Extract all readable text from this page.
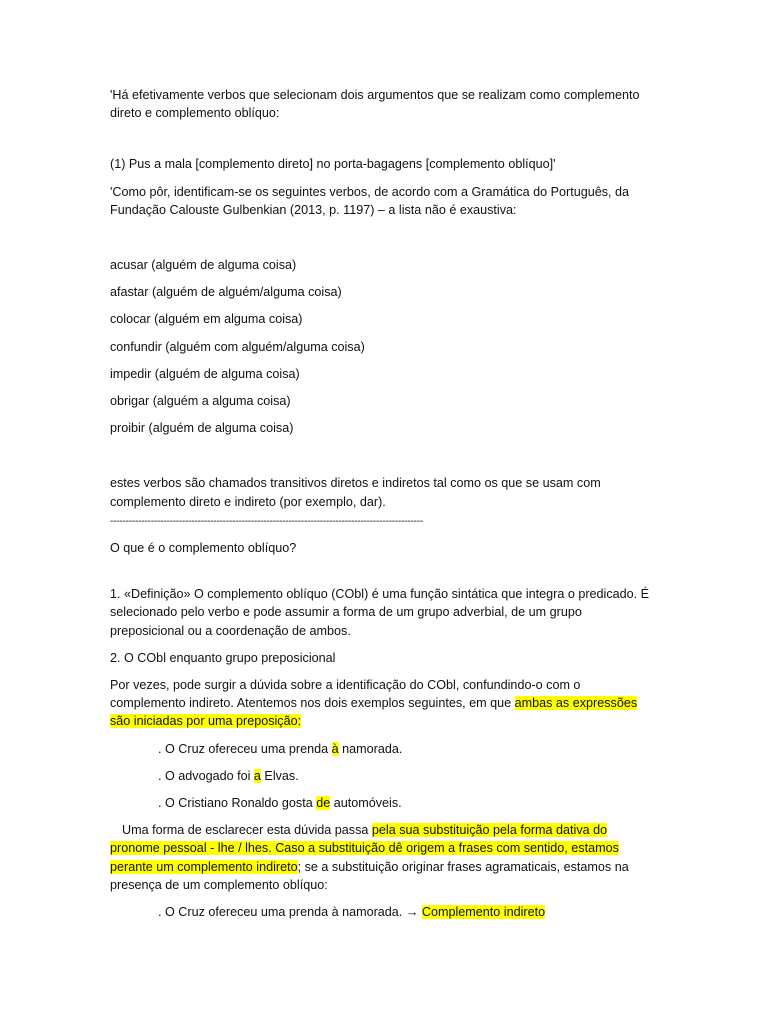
'Há efetivamente verbos que selecionam dois argumentos que se realizam como complemento direto e complemento oblíquo:

(1) Pus a mala [complemento direto] no porta-bagagens [complemento oblíquo]'

'Como pôr, identificam-se os seguintes verbos, de acordo com a Gramática do Português, da Fundação Calouste Gulbenkian (2013, p. 1197) – a lista não é exaustiva:

acusar (alguém de alguma coisa)

afastar (alguém de alguém/alguma coisa)

colocar (alguém em alguma coisa)

confundir (alguém com alguém/alguma coisa)

impedir (alguém de alguma coisa)

obrigar (alguém a alguma coisa)

proibir (alguém de alguma coisa)

estes verbos são chamados transitivos diretos e indiretos tal como os que se usam com complemento direto e indireto (por exemplo, dar).

----------------------------------------------------------------------------------------------------

O que é o complemento oblíquo?

1. «Definição» O complemento oblíquo (CObl) é uma função sintática que integra o predicado. É selecionado pelo verbo e pode assumir a forma de um grupo adverbial, de um grupo preposicional ou a coordenação de ambos.

2. O CObl enquanto grupo preposicional

Por vezes, pode surgir a dúvida sobre a identificação do CObl, confundindo-o com o complemento indireto. Atentemos nos dois exemplos seguintes, em que ambas as expressões são iniciadas por uma preposição:

. O Cruz ofereceu uma prenda à namorada.

. O advogado foi a Elvas.

. O Cristiano Ronaldo gosta de automóveis.

Uma forma de esclarecer esta dúvida passa pela sua substituição pela forma dativa do pronome pessoal - lhe / lhes. Caso a substituição dê origem a frases com sentido, estamos perante um complemento indireto; se a substituição originar frases agramaticais, estamos na presença de um complemento oblíquo:

. O Cruz ofereceu uma prenda à namorada. → Complemento indireto
